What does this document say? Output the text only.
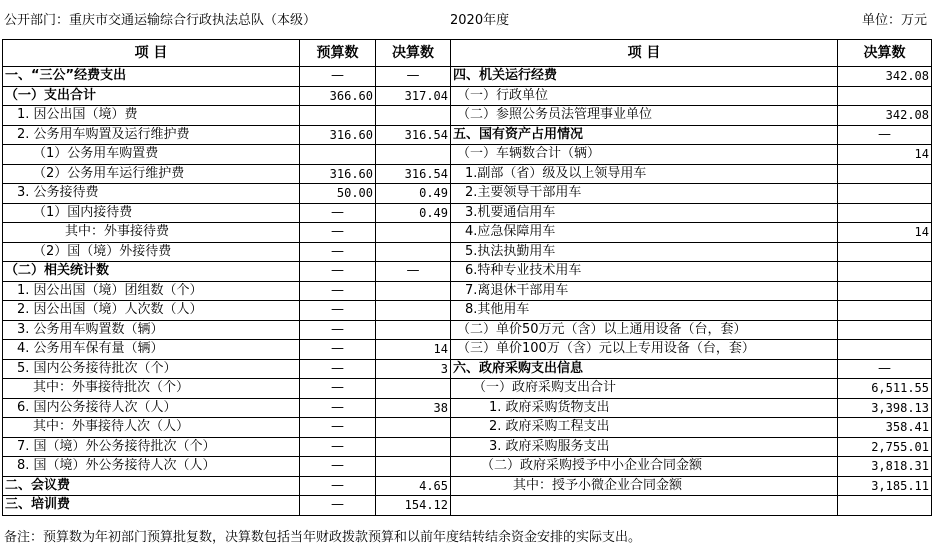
公开部门：重庆市交通运输综合行政执法总队（本级）	2020年度	单位：万元
项 目	预算数	决算数	项 目	决算数
一、“三公”经费支出	—	—	四、机关运行经费	342.08
（一）支出合计	366.60	317.04	（一）行政单位	
1. 因公出国（境）费			（二）参照公务员法管理事业单位	342.08
2. 公务用车购置及运行维护费	316.60	316.54	五、国有资产占用情况	—
（1）公务用车购置费			（一）车辆数合计（辆）	14
（2）公务用车运行维护费	316.60	316.54	1.副部（省）级及以上领导用车	
3. 公务接待费	50.00	0.49	2.主要领导干部用车	
（1）国内接待费	—	0.49	3.机要通信用车	
其中：外事接待费	—		4.应急保障用车	14
（2）国（境）外接待费	—		5.执法执勤用车	
（二）相关统计数	—	—	6.特种专业技术用车	
1. 因公出国（境）团组数（个）	—		7.离退休干部用车	
2. 因公出国（境）人次数（人）	—		8.其他用车	
3. 公务用车购置数（辆）	—		（二）单价50万元（含）以上通用设备（台，套）	
4. 公务用车保有量（辆）	—	14	（三）单价100万（含）元以上专用设备（台，套）	
5. 国内公务接待批次（个）	—	3	六、政府采购支出信息	—
其中：外事接待批次（个）	—		（一）政府采购支出合计	6,511.55
6. 国内公务接待人次（人）	—	38	1. 政府采购货物支出	3,398.13
其中：外事接待人次（人）	—		2. 政府采购工程支出	358.41
7. 国（境）外公务接待批次（个）	—		3. 政府采购服务支出	2,755.01
8. 国（境）外公务接待人次（人）	—		（二）政府采购授予中小企业合同金额	3,818.31
二、会议费	—	4.65	其中：授予小微企业合同金额	3,185.11
三、培训费	—	154.12		
备注：预算数为年初部门预算批复数，决算数包括当年财政拨款预算和以前年度结转结余资金安排的实际支出。
